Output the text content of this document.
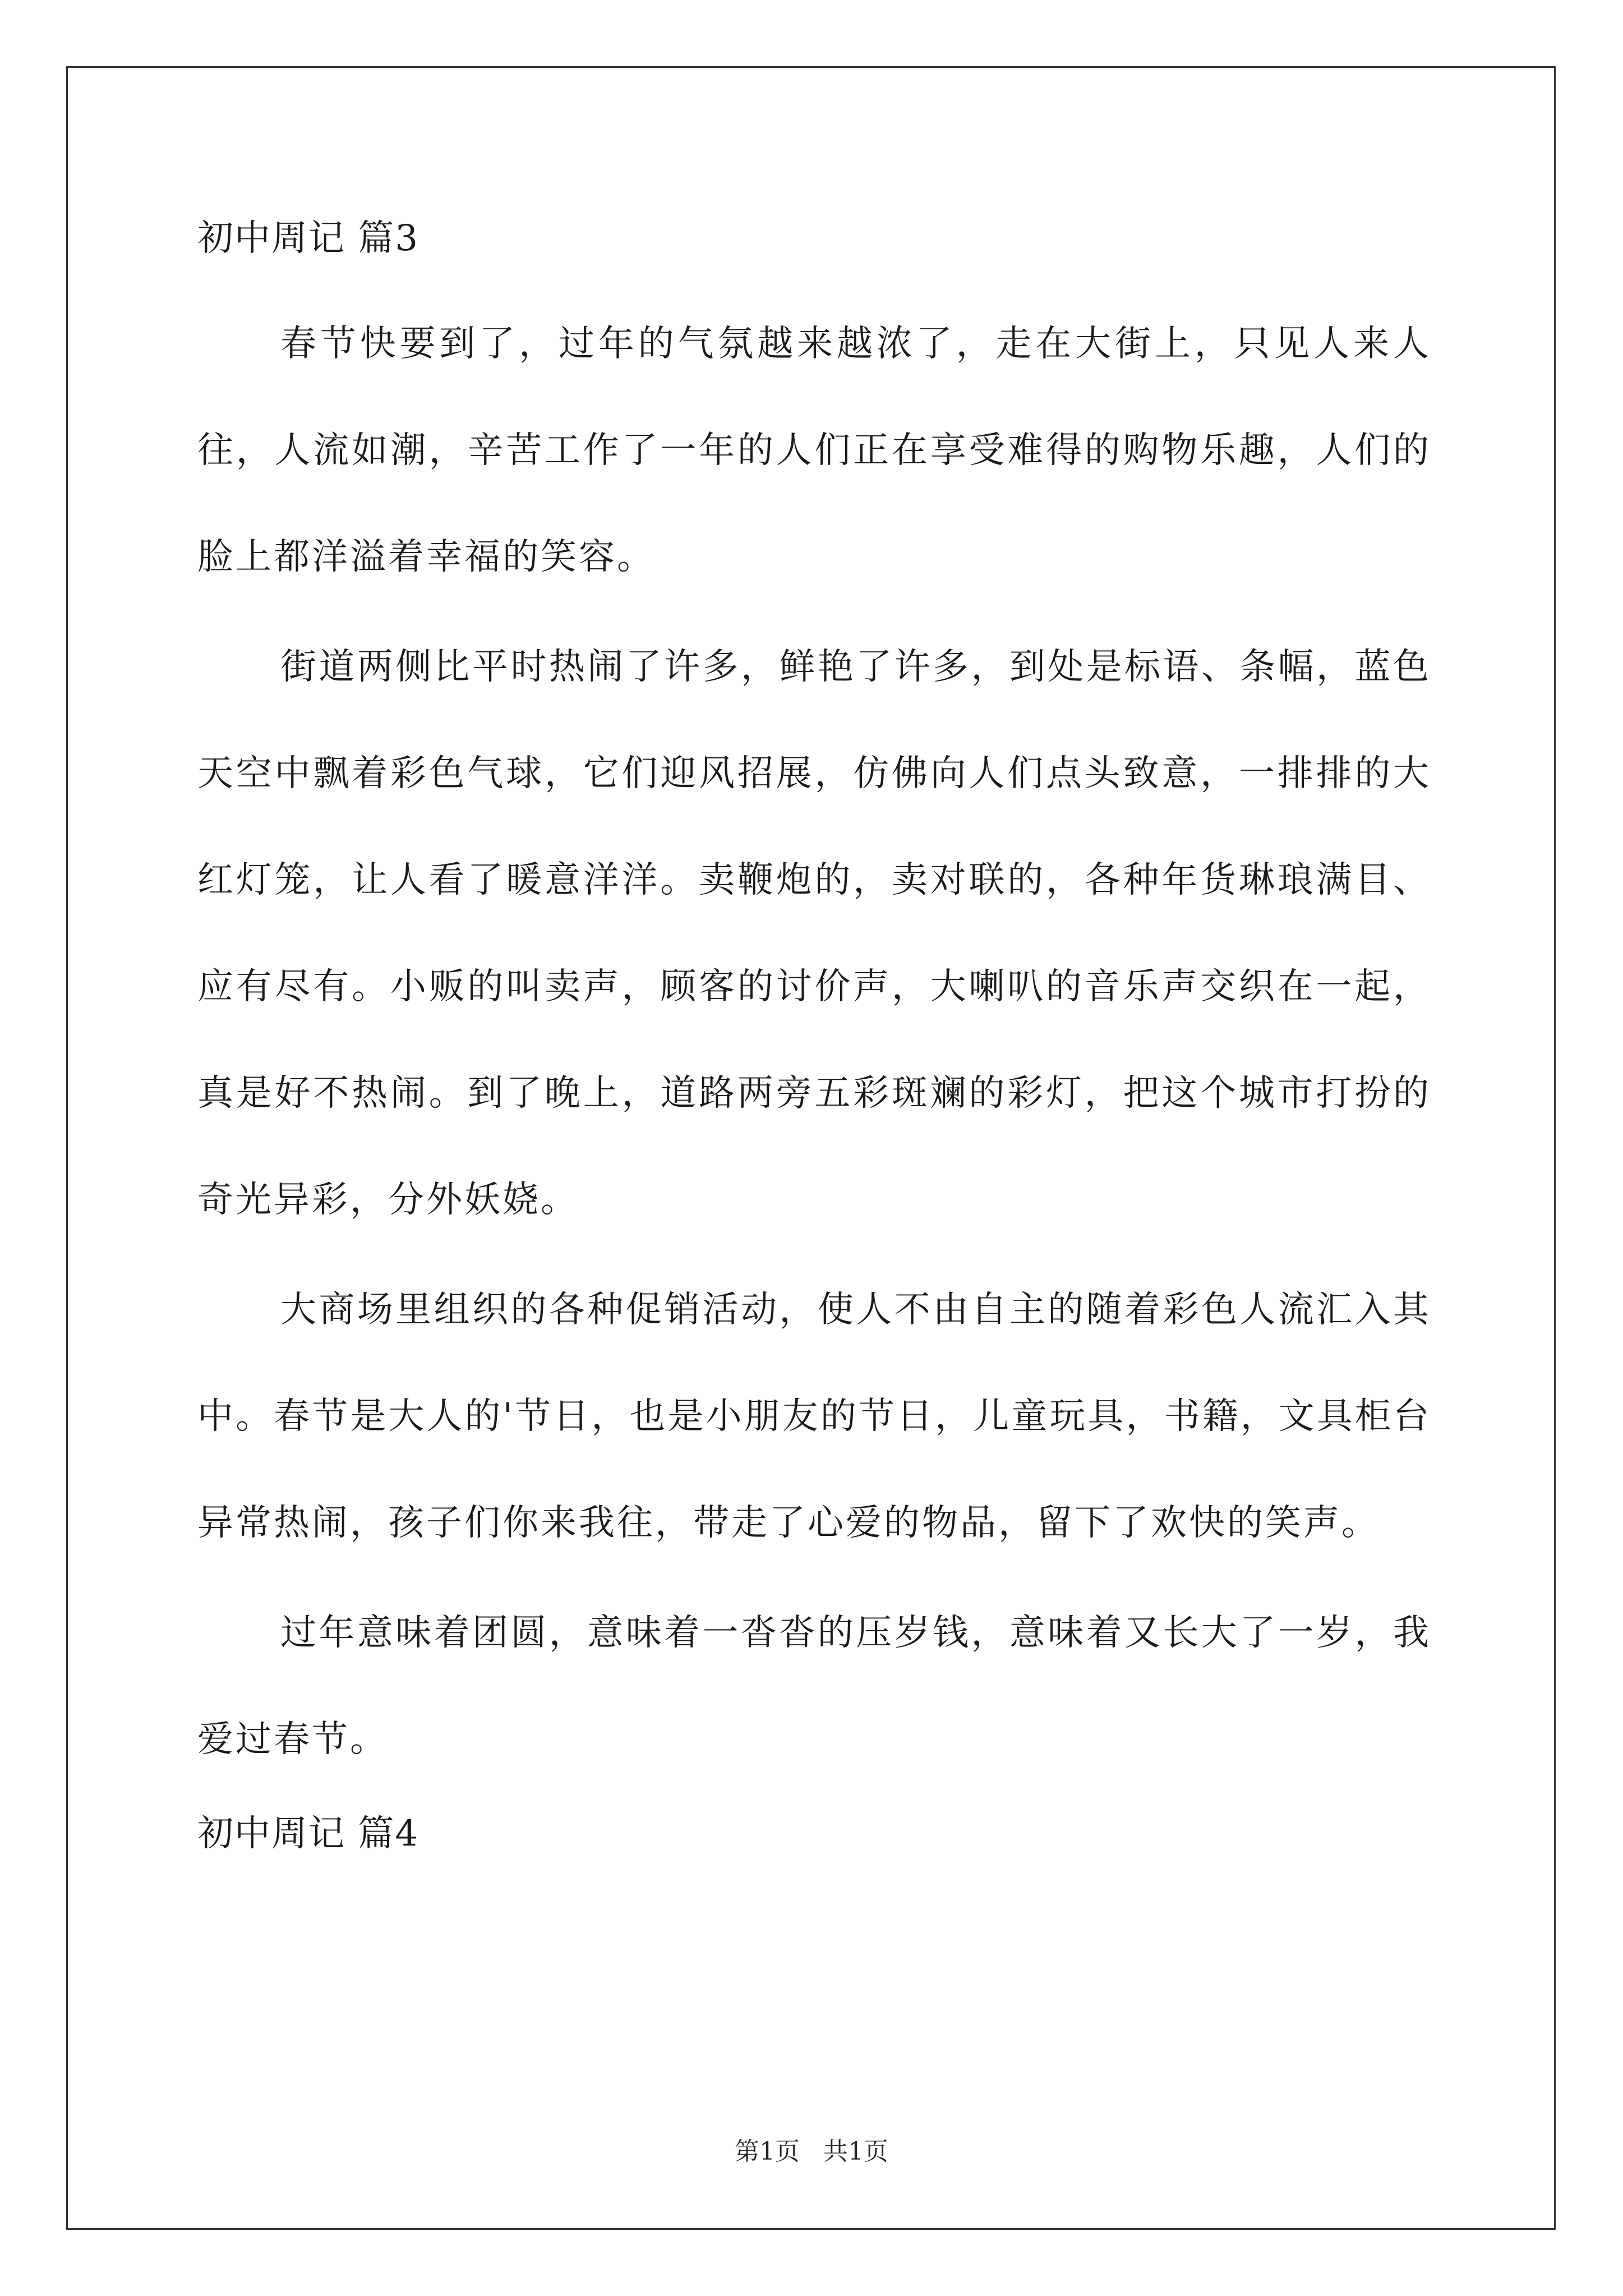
初中周记 篇3

春节快要到了，过年的气氛越来越浓了，走在大街上，只见人来人往，人流如潮，辛苦工作了一年的人们正在享受难得的购物乐趣，人们的脸上都洋溢着幸福的笑容。

街道两侧比平时热闹了许多，鲜艳了许多，到处是标语、条幅，蓝色天空中飘着彩色气球，它们迎风招展，仿佛向人们点头致意，一排排的大红灯笼，让人看了暖意洋洋。卖鞭炮的，卖对联的，各种年货琳琅满目、应有尽有。小贩的叫卖声，顾客的讨价声，大喇叭的音乐声交织在一起，真是好不热闹。到了晚上，道路两旁五彩斑斓的彩灯，把这个城市打扮的奇光异彩，分外妖娆。

大商场里组织的各种促销活动，使人不由自主的随着彩色人流汇入其中。春节是大人的'节日，也是小朋友的节日，儿童玩具，书籍，文具柜台异常热闹，孩子们你来我往，带走了心爱的物品，留下了欢快的笑声。

过年意味着团圆，意味着一沓沓的压岁钱，意味着又长大了一岁，我爱过春节。

初中周记 篇4
第1页 共1页
